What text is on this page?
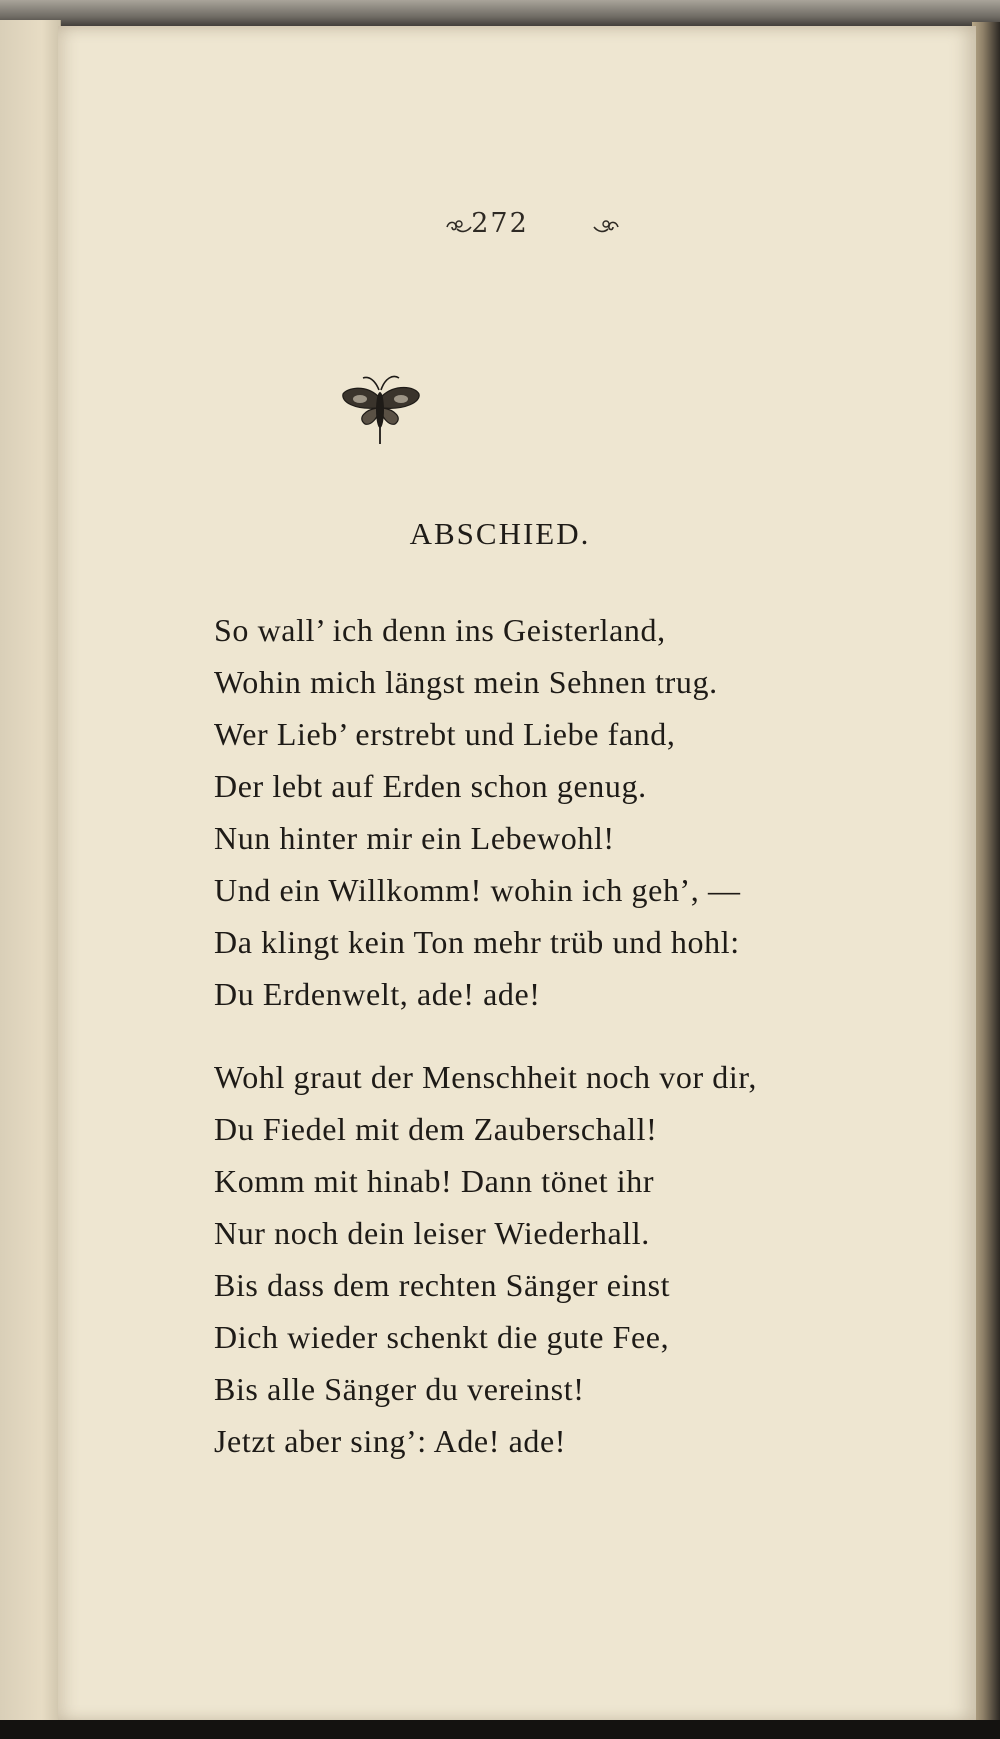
272
ABSCHIED.
So wall’ ich denn ins Geisterland,
Wohin mich längst mein Sehnen trug.
Wer Lieb’ erstrebt und Liebe fand,
Der lebt auf Erden schon genug.
Nun hinter mir ein Lebewohl!
Und ein Willkomm! wohin ich geh’, —
Da klingt kein Ton mehr trüb und hohl:
Du Erdenwelt, ade! ade!
Wohl graut der Menschheit noch vor dir,
Du Fiedel mit dem Zauberschall!
Komm mit hinab! Dann tönet ihr
Nur noch dein leiser Wiederhall.
Bis dass dem rechten Sänger einst
Dich wieder schenkt die gute Fee,
Bis alle Sänger du vereinst!
Jetzt aber sing’: Ade! ade!
